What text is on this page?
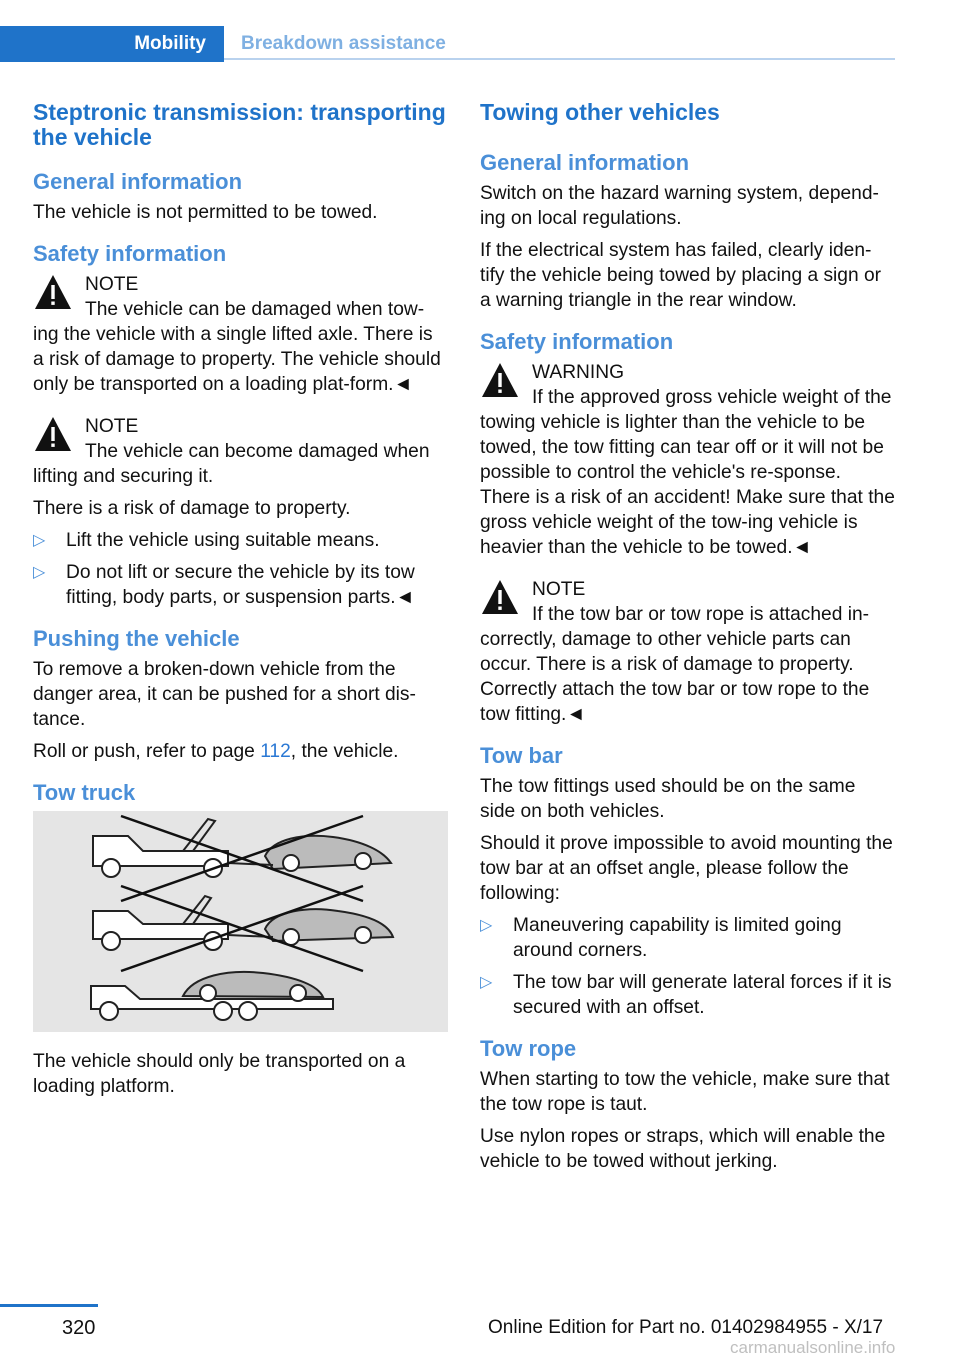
Mobility	Breakdown assistance
Steptronic transmission: transporting the vehicle
General information

The vehicle is not permitted to be towed.

Safety information
NOTE
The vehicle can be damaged when tow-ing the vehicle with a single lifted axle. There is a risk of damage to property. The vehicle should only be transported on a loading plat-form.◄
NOTE
The vehicle can become damaged when lifting and securing it.

There is a risk of damage to property.

▷ Lift the vehicle using suitable means.
▷ Do not lift or secure the vehicle by its tow fitting, body parts, or suspension parts.◄
Pushing the vehicle

To remove a broken-down vehicle from the danger area, it can be pushed for a short dis-tance.

Roll or push, refer to page 112, the vehicle.

Tow truck

The vehicle should only be transported on a loading platform.

Towing other vehicles
General information

Switch on the hazard warning system, depend-ing on local regulations.

If the electrical system has failed, clearly iden-tify the vehicle being towed by placing a sign or a warning triangle in the rear window.

Safety information
WARNING
If the approved gross vehicle weight of the towing vehicle is lighter than the vehicle to be towed, the tow fitting can tear off or it will not be possible to control the vehicle's re-sponse. There is a risk of an accident! Make sure that the gross vehicle weight of the tow-ing vehicle is heavier than the vehicle to be towed.◄
NOTE
If the tow bar or tow rope is attached in-correctly, damage to other vehicle parts can occur. There is a risk of damage to property. Correctly attach the tow bar or tow rope to the tow fitting.◄
Tow bar

The tow fittings used should be on the same side on both vehicles.

Should it prove impossible to avoid mounting the tow bar at an offset angle, please follow the following:

▷ Maneuvering capability is limited going around corners.
▷ The tow bar will generate lateral forces if it is secured with an offset.
Tow rope

When starting to tow the vehicle, make sure that the tow rope is taut.

Use nylon ropes or straps, which will enable the vehicle to be towed without jerking.

320	Online Edition for Part no. 01402984955 - X/17
carmanualsonline.info
